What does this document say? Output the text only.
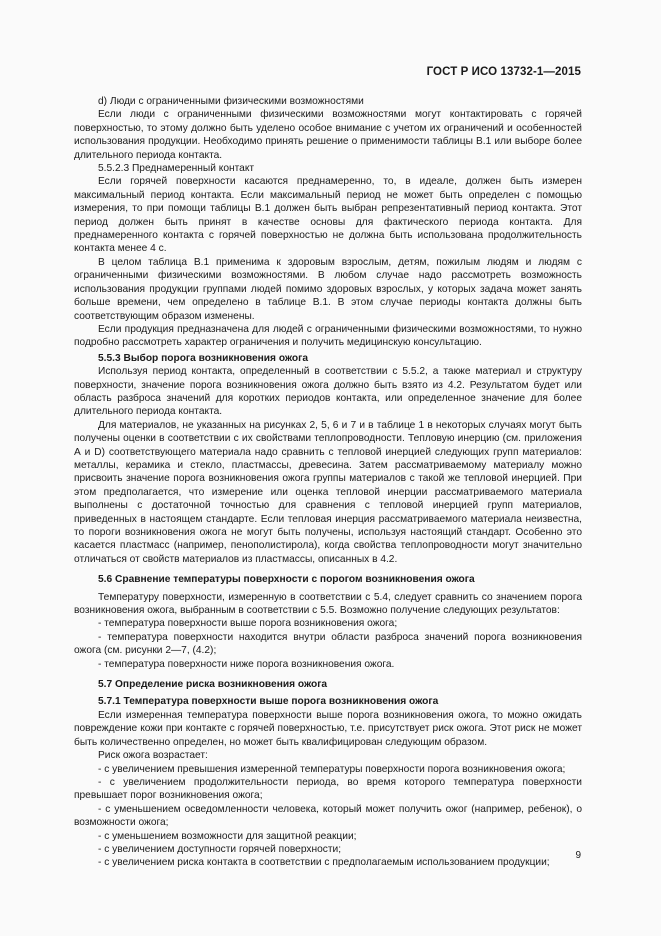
ГОСТ Р ИСО 13732-1—2015

d) Люди с ограниченными физическими возможностями

Если люди с ограниченными физическими возможностями могут контактировать с горячей поверхностью, то этому должно быть уделено особое внимание с учетом их ограничений и особенностей использования продукции. Необходимо принять решение о применимости таблицы В.1 или выборе более длительного периода контакта.

5.5.2.3 Преднамеренный контакт

Если горячей поверхности касаются преднамеренно, то, в идеале, должен быть измерен максимальный период контакта. Если максимальный период не может быть определен с помощью измерения, то при помощи таблицы В.1 должен быть выбран репрезентативный период контакта. Этот период должен быть принят в качестве основы для фактического периода контакта. Для преднамеренного контакта с горячей поверхностью не должна быть использована продолжительность контакта менее 4 с.

В целом таблица В.1 применима к здоровым взрослым, детям, пожилым людям и людям с ограниченными физическими возможностями. В любом случае надо рассмотреть возможность использования продукции группами людей помимо здоровых взрослых, у которых задача может занять больше времени, чем определено в таблице В.1. В этом случае периоды контакта должны быть соответствующим образом изменены.

Если продукция предназначена для людей с ограниченными физическими возможностями, то нужно подробно рассмотреть характер ограничения и получить медицинскую консультацию.

5.5.3 Выбор порога возникновения ожога

Используя период контакта, определенный в соответствии с 5.5.2, а также материал и структуру поверхности, значение порога возникновения ожога должно быть взято из 4.2. Результатом будет или область разброса значений для коротких периодов контакта, или определенное значение для более длительного периода контакта.

Для материалов, не указанных на рисунках 2, 5, 6 и 7 и в таблице 1 в некоторых случаях могут быть получены оценки в соответствии с их свойствами теплопроводности. Тепловую инерцию (см. приложения А и D) соответствующего материала надо сравнить с тепловой инерцией следующих групп материалов: металлы, керамика и стекло, пластмассы, древесина. Затем рассматриваемому материалу можно присвоить значение порога возникновения ожога группы материалов с такой же тепловой инерцией. При этом предполагается, что измерение или оценка тепловой инерции рассматриваемого материала выполнены с достаточной точностью для сравнения с тепловой инерцией групп материалов, приведенных в настоящем стандарте. Если тепловая инерция рассматриваемого материала неизвестна, то пороги возникновения ожога не могут быть получены, используя настоящий стандарт. Особенно это касается пластмасс (например, пенополистирола), когда свойства теплопроводности могут значительно отличаться от свойств материалов из пластмассы, описанных в 4.2.

5.6 Сравнение температуры поверхности с порогом возникновения ожога

Температуру поверхности, измеренную в соответствии с 5.4, следует сравнить со значением порога возникновения ожога, выбранным в соответствии с 5.5. Возможно получение следующих результатов:

- температура поверхности выше порога возникновения ожога;

- температура поверхности находится внутри области разброса значений порога возникновения ожога (см. рисунки 2—7, (4.2);

- температура поверхности ниже порога возникновения ожога.

5.7 Определение риска возникновения ожога

5.7.1 Температура поверхности выше порога возникновения ожога

Если измеренная температура поверхности выше порога возникновения ожога, то можно ожидать повреждение кожи при контакте с горячей поверхностью, т.е. присутствует риск ожога. Этот риск не может быть количественно определен, но может быть квалифицирован следующим образом.

Риск ожога возрастает:

- с увеличением превышения измеренной температуры поверхности порога возникновения ожога;

- с увеличением продолжительности периода, во время которого температура поверхности превышает порог возникновения ожога;

- с уменьшением осведомленности человека, который может получить ожог (например, ребенок), о возможности ожога;

- с уменьшением возможности для защитной реакции;

- с увеличением доступности горячей поверхности;

- с увеличением риска контакта в соответствии с предполагаемым использованием продукции;

9
